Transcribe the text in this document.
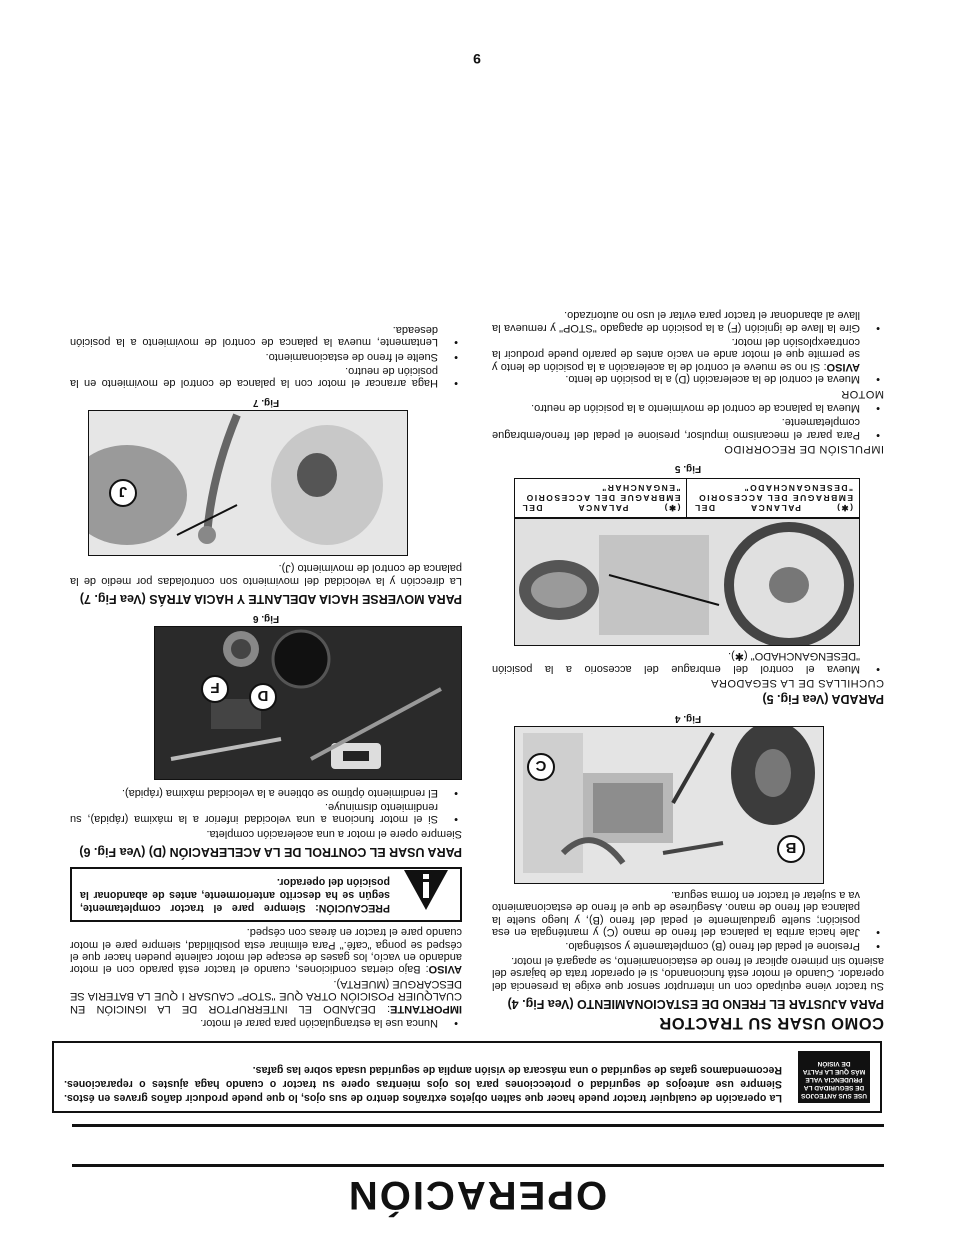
OPERACIÓN
USE SUS ANTEOJOS DE SEGURIDAD LA PRUDENCIA VALE MÁS QUE LA FALTA DE VISIÓN
La operación de cualquier tractor puede hacer que salten objetos extraños dentro de sus ojos, lo que puede producir daños graves en éstos. Siempre use anteojos de seguridad o protecciones para los ojos mientras opere su tractor o cuando haga ajustes o reparaciones. Recomendamos gafas de seguridad o una máscara de visión amplia de seguridad usada sobre las gafas.
COMO USAR SU TRACTOR
PARA AJUSTAR EL FRENO DE ESTACIONAMIENTO (Vea Fig. 4)

Su tractor viene equipado con un interruptor sensor que exige la presencia del operador. Cuando el motor está funcionando, si el operador trata de bajarse del asiento sin primero aplicar el freno de estacionamiento, se apagará el motor.

• Presione el pedal del freno (B) completamente y sosténgalo.
• Jale hacia arriba la palanca del freno de mano (C) y manténgala en esa posición; suelte gradualmente el pedal del freno (B), y luego suelte la palanca del freno de mano. Asegúrese de que el freno de estacionamiento va a sujetar el tractor en forma segura.
B
C
Fig. 4
PARADA (Vea Fig. 5)
CUCHILLAS DE LA SEGADORA
• Mueva el control del embrague del accesorio a la posición "DESENGANCHADO" (✱).
(✱) PALANCA DEL EMBRAGUE DEL ACCESORIO
"DESENGANCHADO"
(✱) PALANCA DEL EMBRAGUE DEL ACCESORIO
"ENGANCHAR"
Fig. 5
IMPULSIÓN DE RECORRIDO
• Para parar el mecanismo impulsor, presione el pedal del freno/embrague completamente.
• Mueva la palanca de control de movimiento a la posición de neutro.
MOTOR
• Mueva el control de la aceleración (D) a la posición de lento.
AVISO: Si no se mueve el control de la aceleración a la posición de lento y se permite que el motor ande en vacío antes de pararlo puede producir la contraexplosión del motor.
• Gire la llave de ignición (F) a la posición de apagado "STOP" y remueva la llave al abandonar el tractor para evitar el uso no autorizado.
• Nunca use la estrangulación para parar el motor.

IMPORTANTE: DEJANDO EL INTERRUPTOR DE LA IGNICIÓN EN CUALQUIER POSICIÓN OTRA QUE "STOP" CAUSAR I QUE LA BATERIA SE DESCARGUE (MUERTA).

AVISO: Bajo ciertas condiciones, cuando el tractor está parado con el motor andando en vacío, los gases de escape del motor caliente pueden hacer que el césped se ponga "café." Para eliminar esta posibilidad, siempre pare el motor cuando pare el tractor en áreas con césped.

PRECAUCIÓN: Siempre pare el tractor completamente, según se ha descrito anteriormente, antes de abandonar la posición del operador.
PARA USAR EL CONTROL DE LA ACELERACIÓN (D) (Vea Fig. 6)

Siempre opere el motor a una aceleración completa.

• Si el motor funciona a una velocidad inferior a la máxima (rápida), su rendimiento disminuye.
• El rendimiento óptimo se obtiene a la velocidad máxima (rápida).
D
F
Fig. 6
PARA MOVERSE HACIA ADELANTE Y HACIA ATRÁS (Vea Fig. 7)

La dirección y la velocidad del movimiento son controladas por medio de la palanca de control de movimiento (J).

J
Fig. 7
• Haga arrancar el motor con la palanca de control de movimiento en la posición de neutro.
• Suelte el freno de estacionamiento.
• Lentamente, mueva la palanca de control de movimiento a la posición deseada.
9
